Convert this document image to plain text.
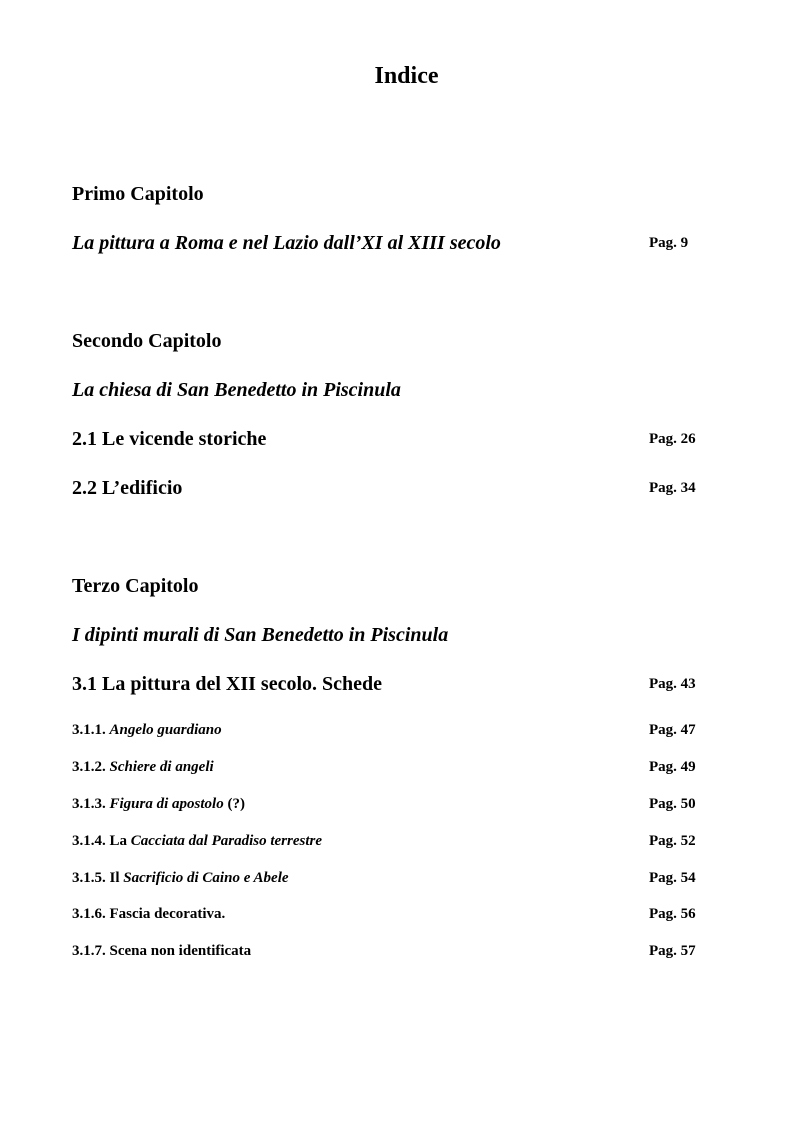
Indice
Primo Capitolo
La pittura a Roma e nel Lazio dall’XI al XIII secolo	Pag. 9
Secondo Capitolo
La chiesa di San Benedetto in Piscinula
2.1 Le vicende storiche	Pag. 26
2.2 L’edificio	Pag. 34
Terzo Capitolo
I dipinti murali di San Benedetto in Piscinula
3.1 La pittura del XII secolo. Schede	Pag. 43
3.1.1. Angelo guardiano	Pag. 47
3.1.2. Schiere di angeli	Pag. 49
3.1.3. Figura di apostolo (?)	Pag. 50
3.1.4. La Cacciata dal Paradiso terrestre	Pag. 52
3.1.5. Il Sacrificio di Caino e Abele	Pag. 54
3.1.6. Fascia decorativa.	Pag. 56
3.1.7. Scena non identificata	Pag. 57
